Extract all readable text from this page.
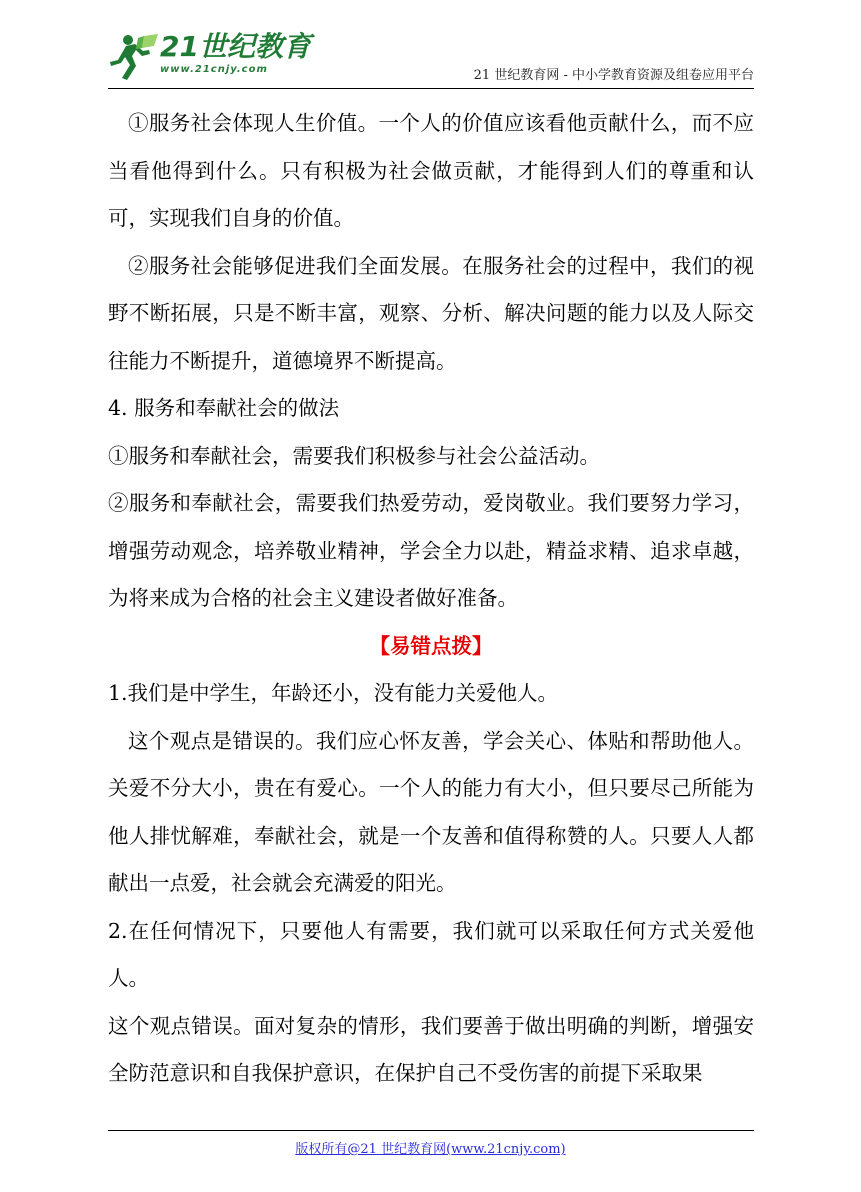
21世纪教育
www.21cnjy.com	21 世纪教育网 - 中小学教育资源及组卷应用平台

①服务社会体现人生价值。一个人的价值应该看他贡献什么，而不应当看他得到什么。只有积极为社会做贡献，才能得到人们的尊重和认可，实现我们自身的价值。

②服务社会能够促进我们全面发展。在服务社会的过程中，我们的视野不断拓展，只是不断丰富，观察、分析、解决问题的能力以及人际交往能力不断提升，道德境界不断提高。

4. 服务和奉献社会的做法

①服务和奉献社会，需要我们积极参与社会公益活动。

②服务和奉献社会，需要我们热爱劳动，爱岗敬业。我们要努力学习，增强劳动观念，培养敬业精神，学会全力以赴，精益求精、追求卓越，为将来成为合格的社会主义建设者做好准备。

【易错点拨】

1.我们是中学生，年龄还小，没有能力关爱他人。

这个观点是错误的。我们应心怀友善，学会关心、体贴和帮助他人。关爱不分大小，贵在有爱心。一个人的能力有大小，但只要尽己所能为他人排忧解难，奉献社会，就是一个友善和值得称赞的人。只要人人都献出一点爱，社会就会充满爱的阳光。

2.在任何情况下，只要他人有需要，我们就可以采取任何方式关爱他人。

这个观点错误。面对复杂的情形，我们要善于做出明确的判断，增强安全防范意识和自我保护意识，在保护自己不受伤害的前提下采取果

版权所有@21 世纪教育网(www.21cnjy.com)
